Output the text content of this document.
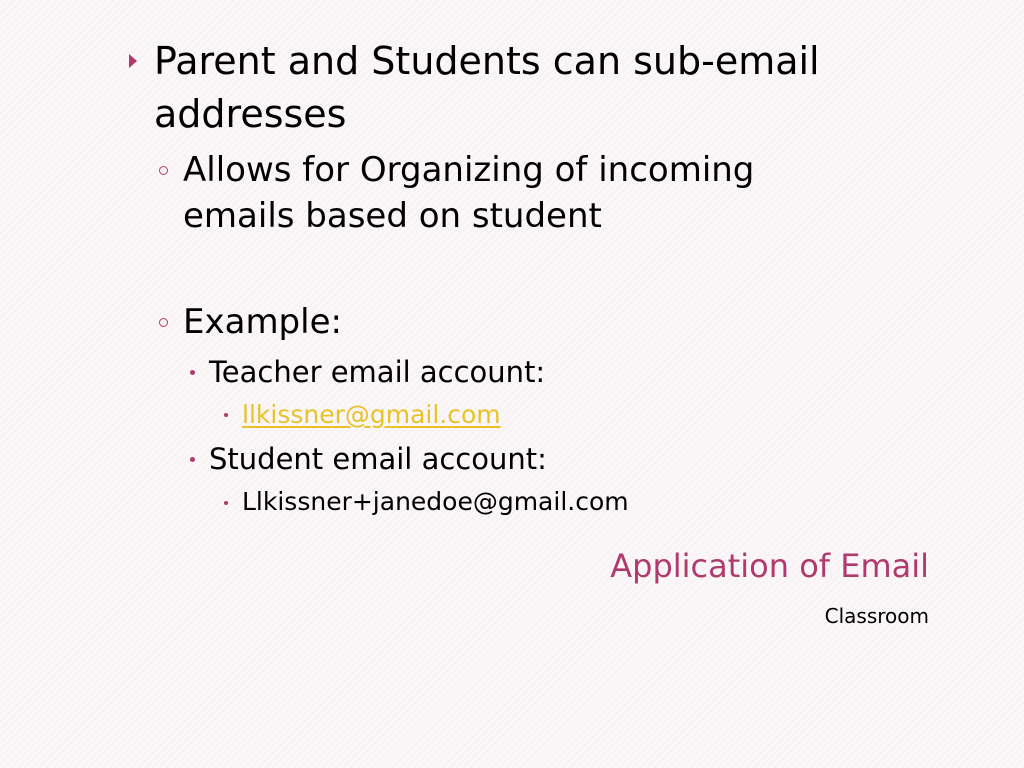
Parent and Students can sub-email
addresses
Allows for Organizing of incoming
emails based on student
Example:
Teacher email account:
llkissner@gmail.com
Student email account:
Llkissner+janedoe@gmail.com
Application of Email
Classroom
